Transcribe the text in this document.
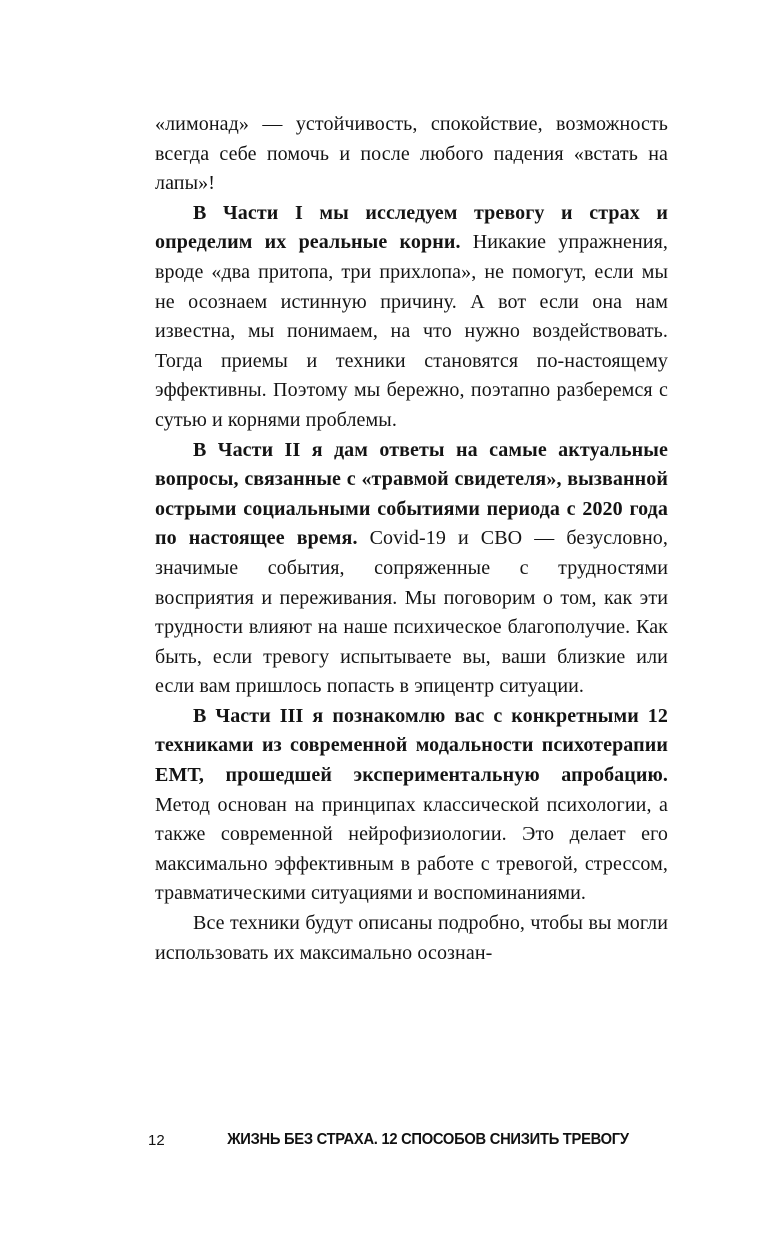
«лимонад» — устойчивость, спокойствие, возможность всегда себе помочь и после любого падения «встать на лапы»!

В Части I мы исследуем тревогу и страх и определим их реальные корни. Никакие упражнения, вроде «два притопа, три прихлопа», не помогут, если мы не осознаем истинную причину. А вот если она нам известна, мы понимаем, на что нужно воздействовать. Тогда приемы и техники становятся по-настоящему эффективны. Поэтому мы бережно, поэтапно разберемся с сутью и корнями проблемы.

В Части II я дам ответы на самые актуальные вопросы, связанные с «травмой свидетеля», вызванной острыми социальными событиями периода с 2020 года по настоящее время. Covid-19 и СВО — безусловно, значимые события, сопряженные с трудностями восприятия и переживания. Мы поговорим о том, как эти трудности влияют на наше психическое благополучие. Как быть, если тревогу испытываете вы, ваши близкие или если вам пришлось попасть в эпицентр ситуации.

В Части III я познакомлю вас с конкретными 12 техниками из современной модальности психотерапии ЕМТ, прошедшей экспериментальную апробацию. Метод основан на принципах классической психологии, а также современной нейрофизиологии. Это делает его максимально эффективным в работе с тревогой, стрессом, травматическими ситуациями и воспоминаниями.

Все техники будут описаны подробно, чтобы вы могли использовать их максимально осознан-

12	ЖИЗНЬ БЕЗ СТРАХА. 12 СПОСОБОВ СНИЗИТЬ ТРЕВОГУ
